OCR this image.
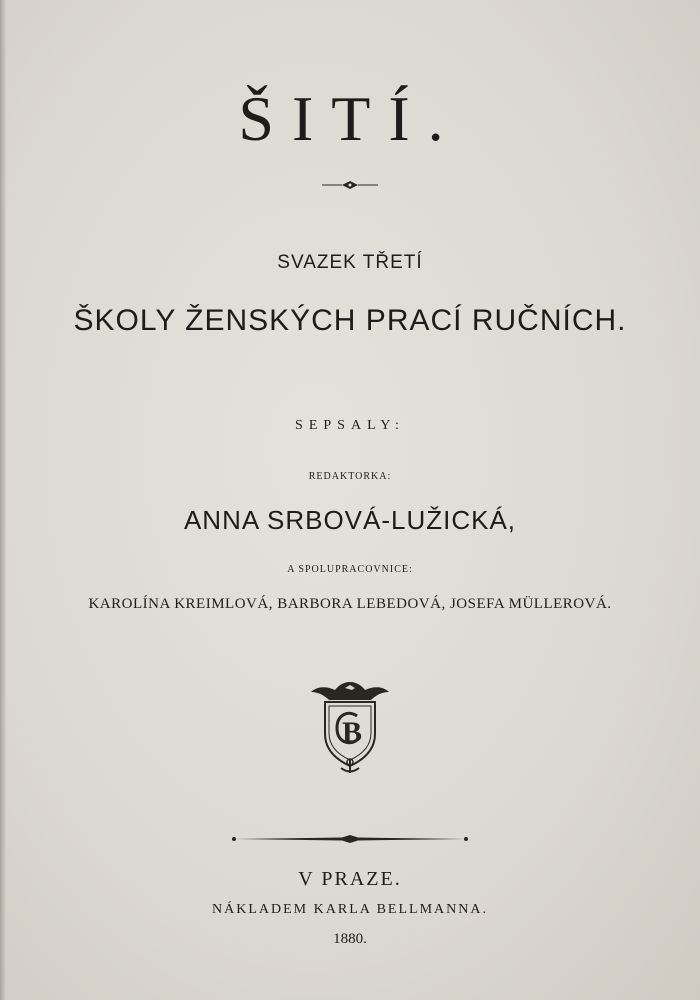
ŠITÍ.
SVAZEK TŘETÍ
ŠKOLY ŽENSKÝCH PRACÍ RUČNÍCH.
SEPSALY:
REDAKTORKA:
ANNA SRBOVÁ-LUŽICKÁ,
A SPOLUPRACOVNICE:
KAROLÍNA KREIMLOVÁ, BARBORA LEBEDOVÁ, JOSEFA MÜLLEROVÁ.
B
V PRAZE.
NÁKLADEM KARLA BELLMANNA.
1880.
